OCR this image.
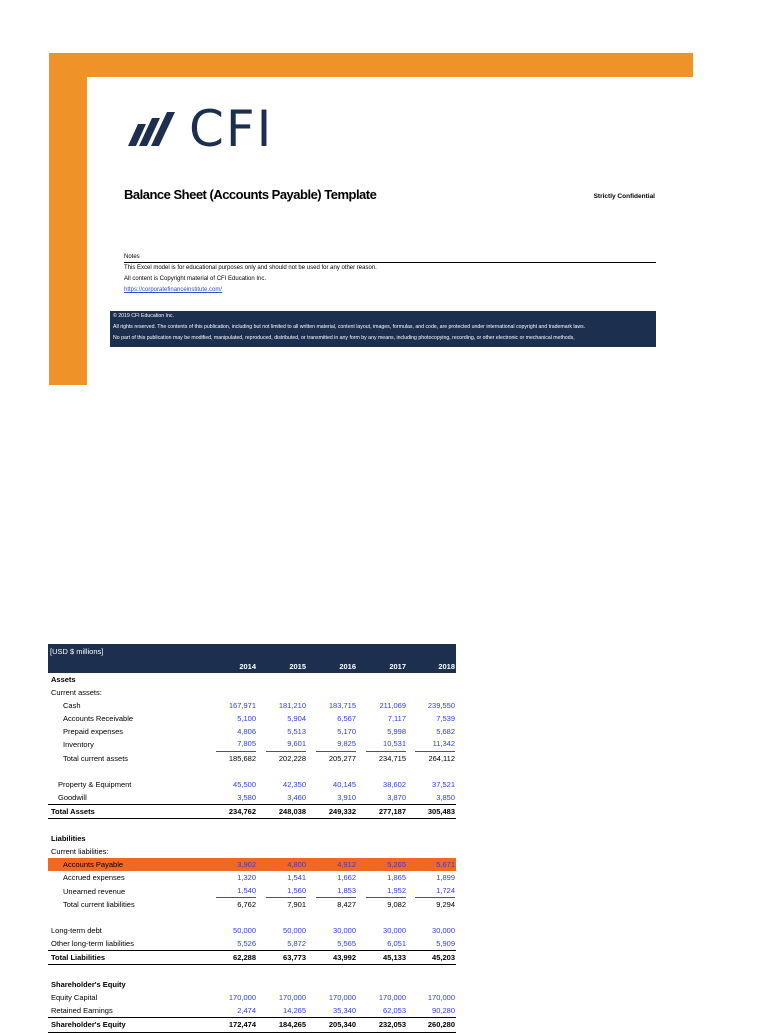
CFI
Balance Sheet (Accounts Payable) Template	Strictly Confidential
Notes
This Excel model is for educational purposes only and should not be used for any other reason.
All content is Copyright material of CFI Education Inc.
https://corporatefinanceinstitute.com/
© 2019 CFI Education Inc.
All rights reserved. The contents of this publication, including but not limited to all written material, content layout, images, formulas, and code, are protected under international copyright and trademark laws.
No part of this publication may be modified, manipulated, reproduced, distributed, or transmitted in any form by any means, including photocopying, recording, or other electronic or mechanical methods,
[USD $ millions]
2014	2015	2016	2017	2018
Assets
Current assets:
Cash	167,971	181,210	183,715	211,069	239,550
Accounts Receivable	5,100	5,904	6,567	7,117	7,539
Prepaid expenses	4,806	5,513	5,170	5,998	5,682
Inventory	7,805	9,601	9,825	10,531	11,342
Total current assets	185,682	202,228	205,277	234,715	264,112
Property & Equipment	45,500	42,350	40,145	38,602	37,521
Goodwill	3,580	3,460	3,910	3,870	3,850
Total Assets	234,762	248,038	249,332	277,187	305,483
Liabilities
Current liabilities:
Accounts Payable	3,902	4,800	4,912	5,265	5,671
Accrued expenses	1,320	1,541	1,662	1,865	1,899
Unearned revenue	1,540	1,560	1,853	1,952	1,724
Total current liabilities	6,762	7,901	8,427	9,082	9,294
Long-term debt	50,000	50,000	30,000	30,000	30,000
Other long-term liabilities	5,526	5,872	5,565	6,051	5,909
Total Liabilities	62,288	63,773	43,992	45,133	45,203
Shareholder's Equity
Equity Capital	170,000	170,000	170,000	170,000	170,000
Retained Earnings	2,474	14,265	35,340	62,053	90,280
Shareholder's Equity	172,474	184,265	205,340	232,053	260,280
